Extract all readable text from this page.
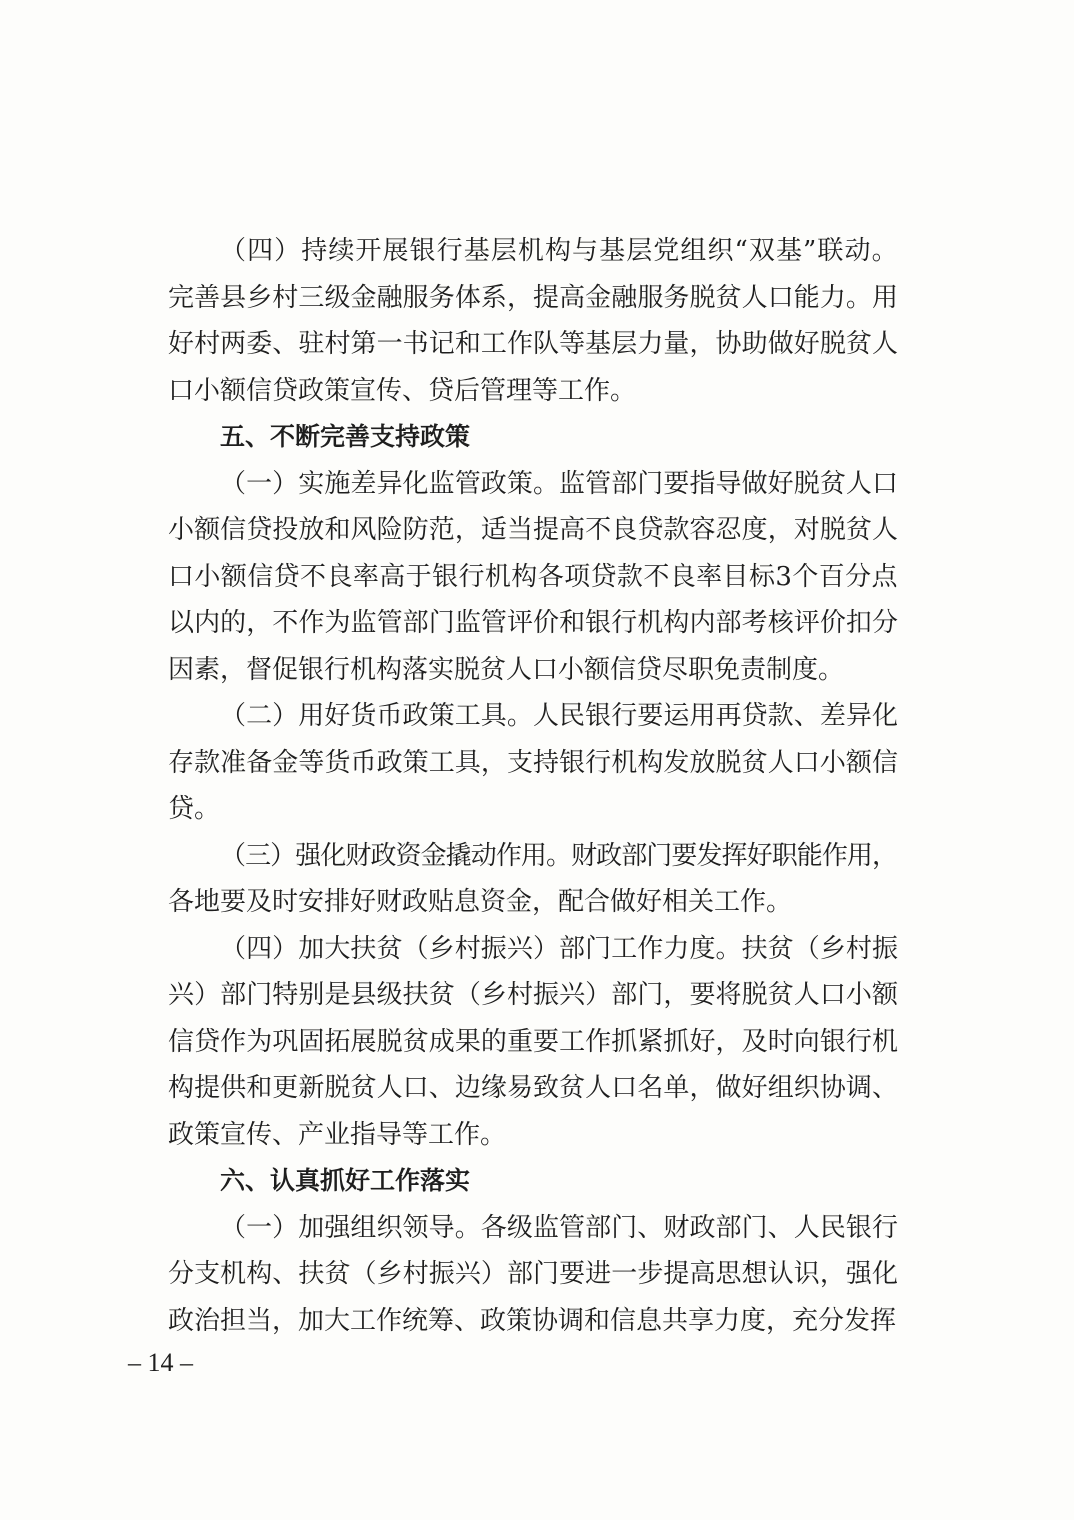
（四）持续开展银行基层机构与基层党组织“双基”联动。
完善县乡村三级金融服务体系，提高金融服务脱贫人口能力。用
好村两委、驻村第一书记和工作队等基层力量，协助做好脱贫人
口小额信贷政策宣传、贷后管理等工作。
五、不断完善支持政策
（一）实施差异化监管政策。监管部门要指导做好脱贫人口
小额信贷投放和风险防范，适当提高不良贷款容忍度，对脱贫人
口小额信贷不良率高于银行机构各项贷款不良率目标3个百分点
以内的，不作为监管部门监管评价和银行机构内部考核评价扣分
因素，督促银行机构落实脱贫人口小额信贷尽职免责制度。
（二）用好货币政策工具。人民银行要运用再贷款、差异化
存款准备金等货币政策工具，支持银行机构发放脱贫人口小额信
贷。
（三）强化财政资金撬动作用。财政部门要发挥好职能作用，
各地要及时安排好财政贴息资金，配合做好相关工作。
（四）加大扶贫（乡村振兴）部门工作力度。扶贫（乡村振
兴）部门特别是县级扶贫（乡村振兴）部门，要将脱贫人口小额
信贷作为巩固拓展脱贫成果的重要工作抓紧抓好，及时向银行机
构提供和更新脱贫人口、边缘易致贫人口名单，做好组织协调、
政策宣传、产业指导等工作。
六、认真抓好工作落实
（一）加强组织领导。各级监管部门、财政部门、人民银行
分支机构、扶贫（乡村振兴）部门要进一步提高思想认识，强化
政治担当，加大工作统筹、政策协调和信息共享力度，充分发挥
– 14 –
